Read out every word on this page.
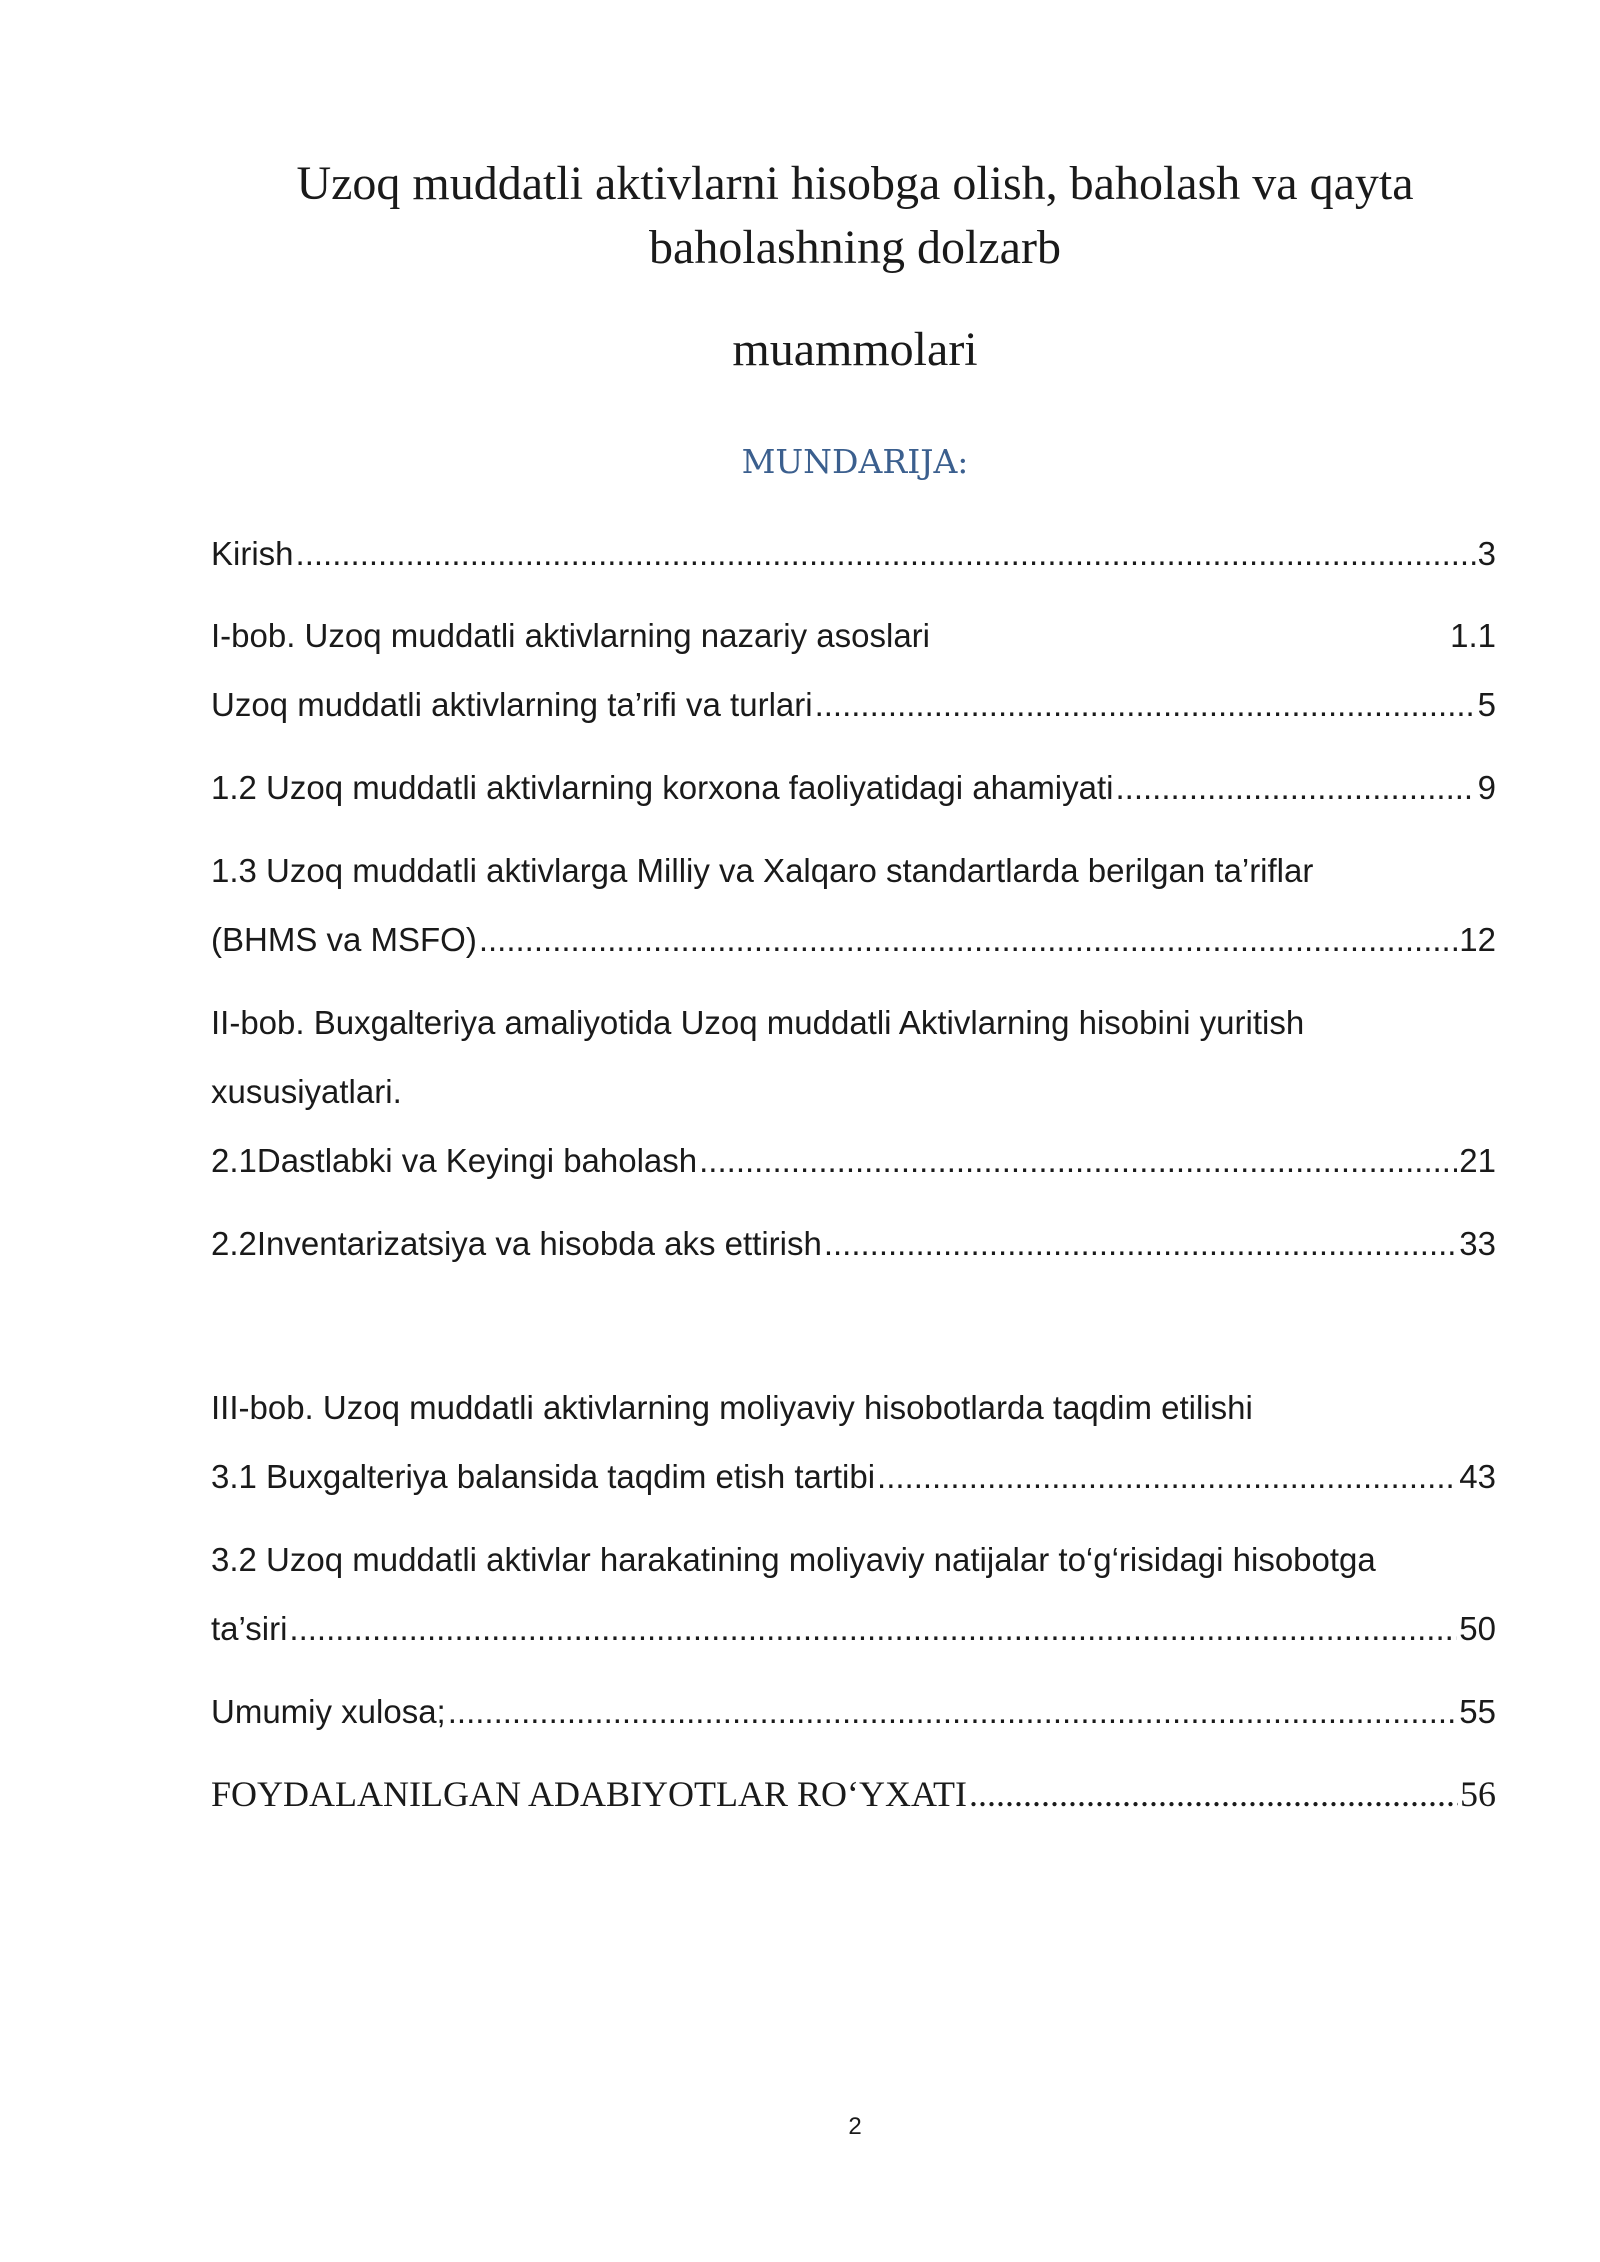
Uzoq muddatli aktivlarni hisobga olish, baholash va qayta baholashning dolzarb
muammolari
MUNDARIJA:
Kirish .....	3
I-bob. Uzoq muddatli aktivlarning nazariy asoslari	1.1
Uzoq muddatli aktivlarning ta’rifi va turlari .....	5
1.2 Uzoq muddatli aktivlarning korxona faoliyatidagi ahamiyati .....	9
1.3 Uzoq muddatli aktivlarga Milliy va Xalqaro standartlarda berilgan ta’riflar
(BHMS va MSFO) .....	12
II-bob. Buxgalteriya amaliyotida Uzoq muddatli Aktivlarning hisobini yuritish
xususiyatlari.
2.1Dastlabki va Keyingi baholash .....	21
2.2Inventarizatsiya va hisobda aks ettirish .....	33
III-bob. Uzoq muddatli aktivlarning moliyaviy hisobotlarda taqdim etilishi
3.1 Buxgalteriya balansida taqdim etish tartibi .....	43
3.2 Uzoq muddatli aktivlar harakatining moliyaviy natijalar to‘g‘risidagi hisobotga
ta’siri .....	50
Umumiy xulosa; .....	55
FOYDALANILGAN ADABIYOTLAR RO‘YXATI .....	56
2
